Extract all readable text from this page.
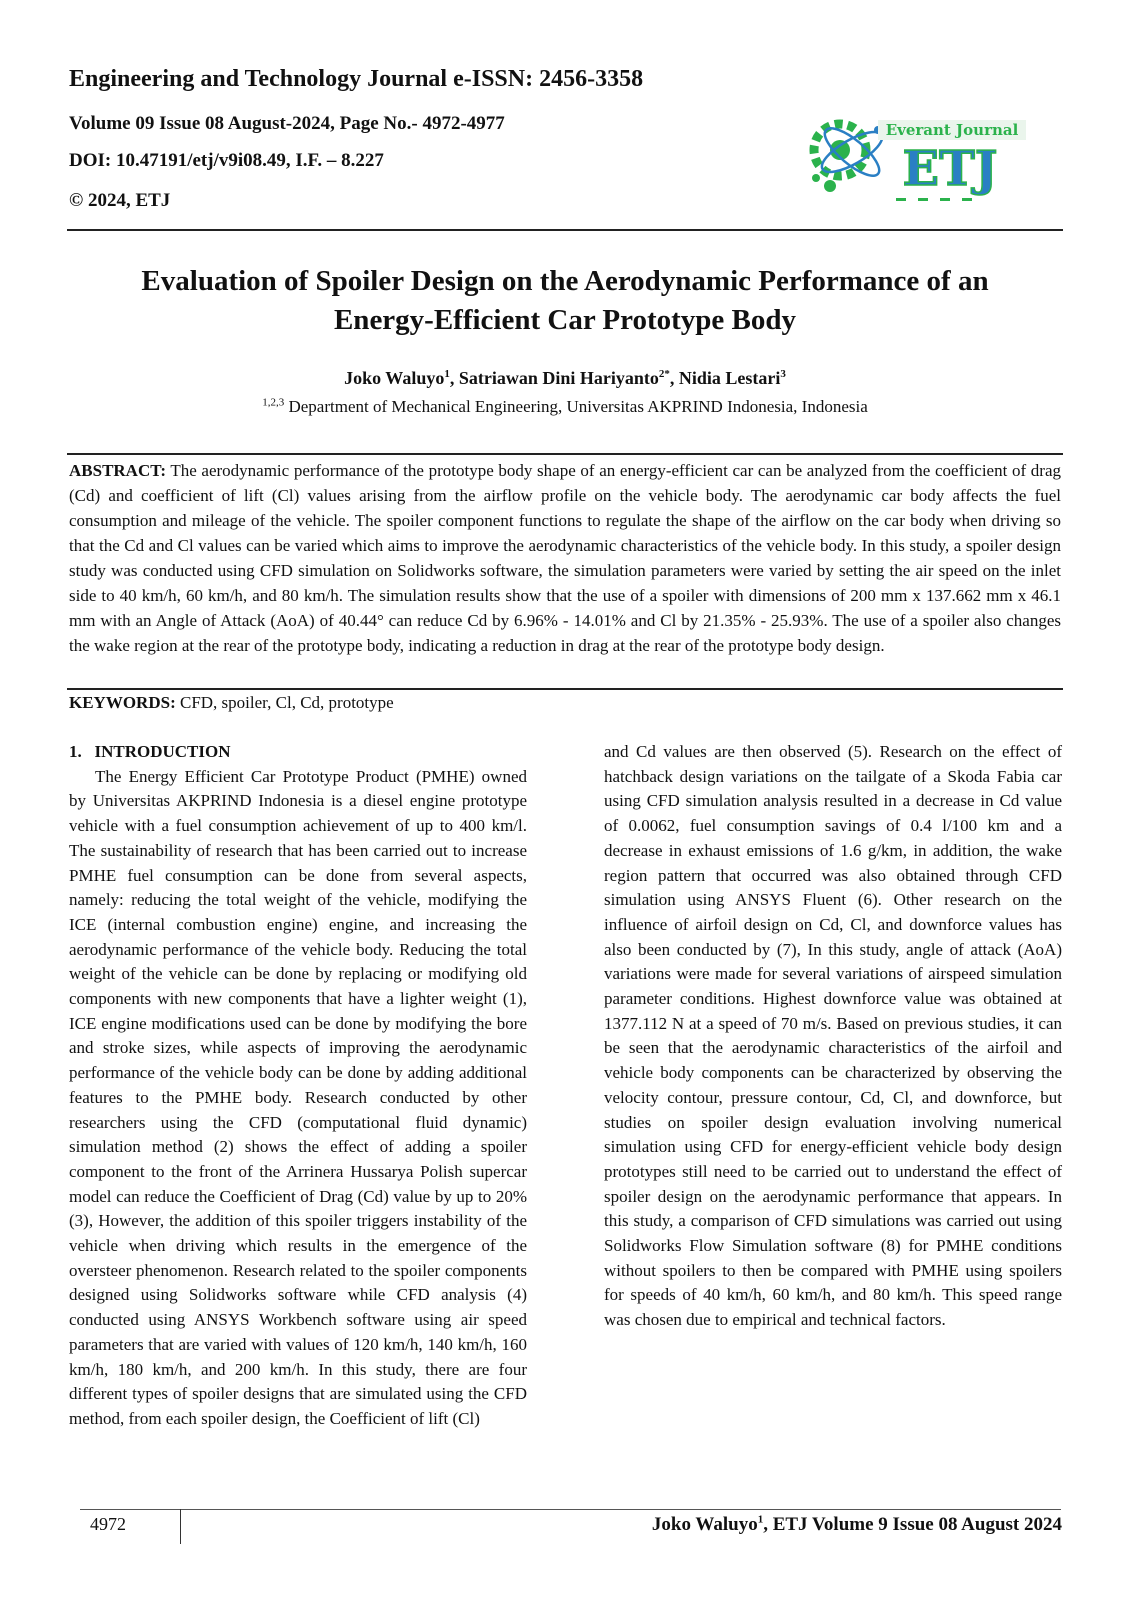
Engineering and Technology Journal e-ISSN: 2456-3358
Volume 09 Issue 08 August-2024, Page No.- 4972-4977
DOI: 10.47191/etj/v9i08.49, I.F. – 8.227
© 2024, ETJ
Everant Journal
ETJ
Evaluation of Spoiler Design on the Aerodynamic Performance of an
Energy-Efficient Car Prototype Body
Joko Waluyo$^1$, Satriawan Dini Hariyanto$^{2*}$, Nidia Lestari$^3$
$^{1,2,3}$ Department of Mechanical Engineering, Universitas AKPRIND Indonesia, Indonesia
ABSTRACT: The aerodynamic performance of the prototype body shape of an energy-efficient car can be analyzed from the coefficient of drag (Cd) and coefficient of lift (Cl) values arising from the airflow profile on the vehicle body. The aerodynamic car body affects the fuel consumption and mileage of the vehicle. The spoiler component functions to regulate the shape of the airflow on the car body when driving so that the Cd and Cl values can be varied which aims to improve the aerodynamic characteristics of the vehicle body. In this study, a spoiler design study was conducted using CFD simulation on Solidworks software, the simulation parameters were varied by setting the air speed on the inlet side to 40 km/h, 60 km/h, and 80 km/h. The simulation results show that the use of a spoiler with dimensions of 200 mm x 137.662 mm x 46.1 mm with an Angle of Attack (AoA) of 40.44° can reduce Cd by 6.96% - 14.01% and Cl by 21.35% - 25.93%. The use of a spoiler also changes the wake region at the rear of the prototype body, indicating a reduction in drag at the rear of the prototype body design.
KEYWORDS: CFD, spoiler, Cl, Cd, prototype

1.   INTRODUCTION

The Energy Efficient Car Prototype Product (PMHE) owned by Universitas AKPRIND Indonesia is a diesel engine prototype vehicle with a fuel consumption achievement of up to 400 km/l. The sustainability of research that has been carried out to increase PMHE fuel consumption can be done from several aspects, namely: reducing the total weight of the vehicle, modifying the ICE (internal combustion engine) engine, and increasing the aerodynamic performance of the vehicle body. Reducing the total weight of the vehicle can be done by replacing or modifying old components with new components that have a lighter weight (1), ICE engine modifications used can be done by modifying the bore and stroke sizes, while aspects of improving the aerodynamic performance of the vehicle body can be done by adding additional features to the PMHE body. Research conducted by other researchers using the CFD (computational fluid dynamic) simulation method (2) shows the effect of adding a spoiler component to the front of the Arrinera Hussarya Polish supercar model can reduce the Coefficient of Drag (Cd) value by up to 20% (3), However, the addition of this spoiler triggers instability of the vehicle when driving which results in the emergence of the oversteer phenomenon. Research related to the spoiler components designed using Solidworks software while CFD analysis (4) conducted using ANSYS Workbench software using air speed parameters that are varied with values of 120 km/h, 140 km/h, 160 km/h, 180 km/h, and 200 km/h. In this study, there are four different types of spoiler designs that are simulated using the CFD method, from each spoiler design, the Coefficient of lift (Cl)

and Cd values are then observed (5). Research on the effect of hatchback design variations on the tailgate of a Skoda Fabia car using CFD simulation analysis resulted in a decrease in Cd value of 0.0062, fuel consumption savings of 0.4 l/100 km and a decrease in exhaust emissions of 1.6 g/km, in addition, the wake region pattern that occurred was also obtained through CFD simulation using ANSYS Fluent (6). Other research on the influence of airfoil design on Cd, Cl, and downforce values has also been conducted by (7), In this study, angle of attack (AoA) variations were made for several variations of airspeed simulation parameter conditions. Highest downforce value was obtained at 1377.112 N at a speed of 70 m/s. Based on previous studies, it can be seen that the aerodynamic characteristics of the airfoil and vehicle body components can be characterized by observing the velocity contour, pressure contour, Cd, Cl, and downforce, but studies on spoiler design evaluation involving numerical simulation using CFD for energy-efficient vehicle body design prototypes still need to be carried out to understand the effect of spoiler design on the aerodynamic performance that appears. In this study, a comparison of CFD simulations was carried out using Solidworks Flow Simulation software (8) for PMHE conditions without spoilers to then be compared with PMHE using spoilers for speeds of 40 km/h, 60 km/h, and 80 km/h. This speed range was chosen due to empirical and technical factors.

4972	Joko Waluyo$^1$, ETJ Volume 9 Issue 08 August 2024
